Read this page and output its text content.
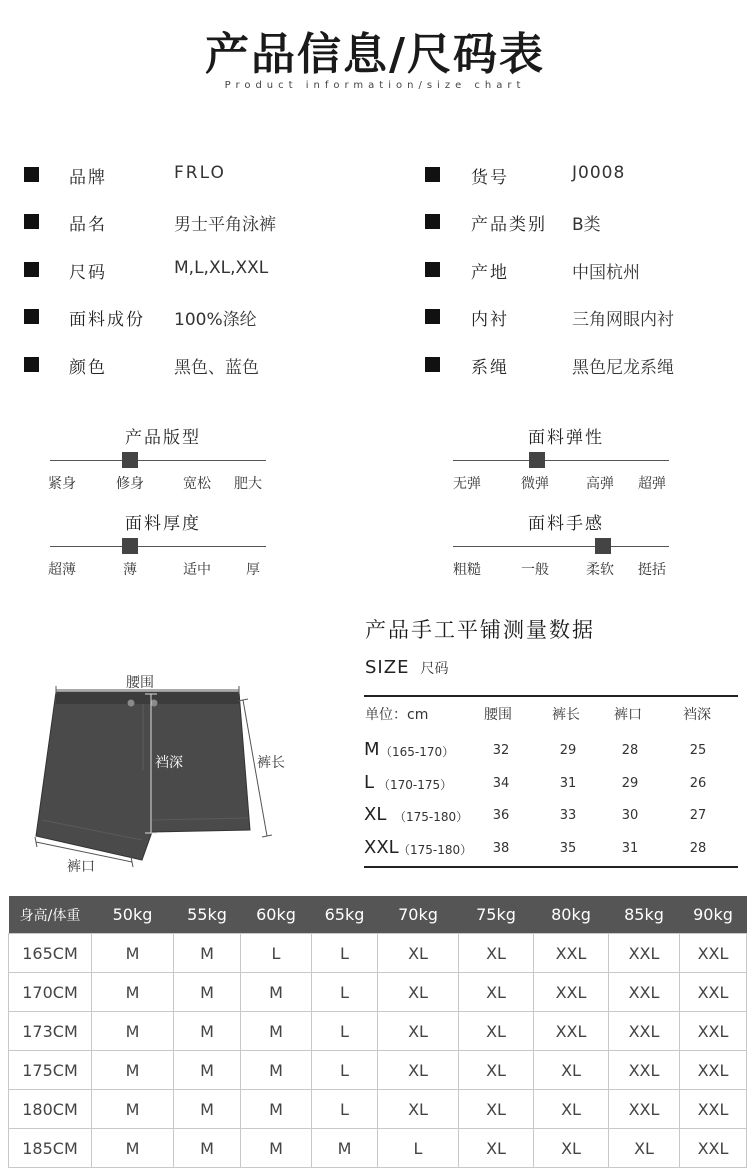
产品信息/尺码表
Product information/size chart
品牌	FRLO
品名	男士平角泳裤
尺码	M,L,XL,XXL
面料成份 100%涤纶
颜色	黑色、蓝色
货号	J0008
产品类别 B类
产地	中国杭州
内衬	三角网眼内衬
系绳	黑色尼龙系绳
产品版型
紧身	修身	宽松 肥大
面料弹性
无弹	微弹	高弹 超弹
面料厚度
超薄	薄	适中	厚
面料手感
粗糙	一般	柔软 挺括
腰围
裆深	裤长
裤口
产品手工平铺测量数据
SIZE 尺码
单位：cm	腰围	裤长 裤口	裆深
M （165-170）	32	29	28	25
L （170-175）	34	31	29	26
XL （175-180）	36	33	30	27
XXL （175-180）	38	35	31	28
身高/体重	50kg	55kg	60kg	65kg	70kg	75kg	80kg	85kg	90kg
165CM	M	M	L	L	XL	XL	XXL	XXL	XXL
170CM	M	M	M	L	XL	XL	XXL	XXL	XXL
173CM	M	M	M	L	XL	XL	XXL	XXL	XXL
175CM	M	M	M	L	XL	XL	XL	XXL	XXL
180CM	M	M	M	L	XL	XL	XL	XXL	XXL
185CM	M	M	M	M	L	XL	XL	XL	XXL
